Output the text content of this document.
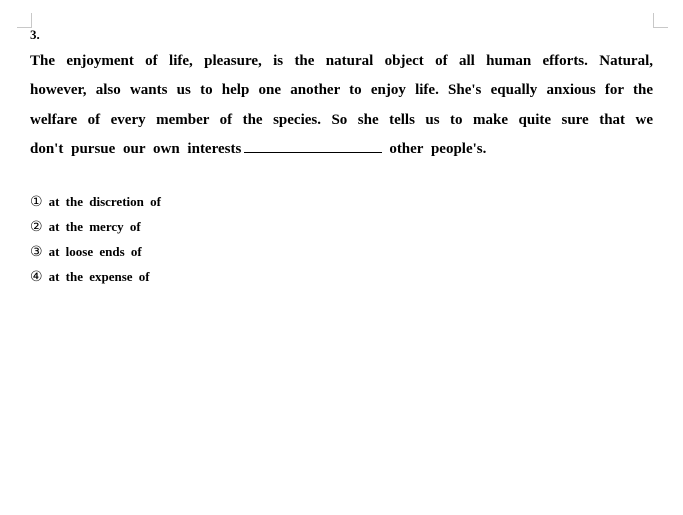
3.
The enjoyment of life, pleasure, is the natural object of all human efforts. Natural,
however, also wants us to help one another to enjoy life. She's equally anxious for the
welfare of every member of the species. So she tells us to make quite sure that we
don't pursue our own interests	other people's.
① at the discretion of
② at the mercy of
③ at loose ends of
④ at the expense of
